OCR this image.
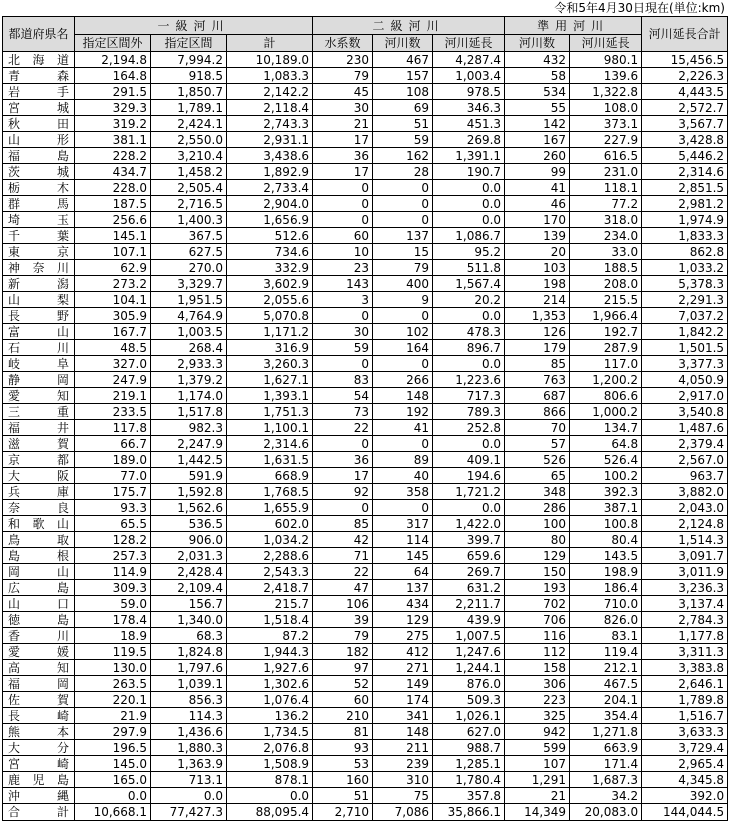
令和5年4月30日現在(単位:km)
都道府県名	一級河川			二級河川			準用河川		河川延長合計
	指定区間外	指定区間	計	水系数	河川数	河川延長	河川数	河川延長	
北海道	2,194.8	7,994.2	10,189.0	230	467	4,287.4	432	980.1	15,456.5
青森	164.8	918.5	1,083.3	79	157	1,003.4	58	139.6	2,226.3
岩手	291.5	1,850.7	2,142.2	45	108	978.5	534	1,322.8	4,443.5
宮城	329.3	1,789.1	2,118.4	30	69	346.3	55	108.0	2,572.7
秋田	319.2	2,424.1	2,743.3	21	51	451.3	142	373.1	3,567.7
山形	381.1	2,550.0	2,931.1	17	59	269.8	167	227.9	3,428.8
福島	228.2	3,210.4	3,438.6	36	162	1,391.1	260	616.5	5,446.2
茨城	434.7	1,458.2	1,892.9	17	28	190.7	99	231.0	2,314.6
栃木	228.0	2,505.4	2,733.4	0	0	0.0	41	118.1	2,851.5
群馬	187.5	2,716.5	2,904.0	0	0	0.0	46	77.2	2,981.2
埼玉	256.6	1,400.3	1,656.9	0	0	0.0	170	318.0	1,974.9
千葉	145.1	367.5	512.6	60	137	1,086.7	139	234.0	1,833.3
東京	107.1	627.5	734.6	10	15	95.2	20	33.0	862.8
神奈川	62.9	270.0	332.9	23	79	511.8	103	188.5	1,033.2
新潟	273.2	3,329.7	3,602.9	143	400	1,567.4	198	208.0	5,378.3
山梨	104.1	1,951.5	2,055.6	3	9	20.2	214	215.5	2,291.3
長野	305.9	4,764.9	5,070.8	0	0	0.0	1,353	1,966.4	7,037.2
富山	167.7	1,003.5	1,171.2	30	102	478.3	126	192.7	1,842.2
石川	48.5	268.4	316.9	59	164	896.7	179	287.9	1,501.5
岐阜	327.0	2,933.3	3,260.3	0	0	0.0	85	117.0	3,377.3
静岡	247.9	1,379.2	1,627.1	83	266	1,223.6	763	1,200.2	4,050.9
愛知	219.1	1,174.0	1,393.1	54	148	717.3	687	806.6	2,917.0
三重	233.5	1,517.8	1,751.3	73	192	789.3	866	1,000.2	3,540.8
福井	117.8	982.3	1,100.1	22	41	252.8	70	134.7	1,487.6
滋賀	66.7	2,247.9	2,314.6	0	0	0.0	57	64.8	2,379.4
京都	189.0	1,442.5	1,631.5	36	89	409.1	526	526.4	2,567.0
大阪	77.0	591.9	668.9	17	40	194.6	65	100.2	963.7
兵庫	175.7	1,592.8	1,768.5	92	358	1,721.2	348	392.3	3,882.0
奈良	93.3	1,562.6	1,655.9	0	0	0.0	286	387.1	2,043.0
和歌山	65.5	536.5	602.0	85	317	1,422.0	100	100.8	2,124.8
鳥取	128.2	906.0	1,034.2	42	114	399.7	80	80.4	1,514.3
島根	257.3	2,031.3	2,288.6	71	145	659.6	129	143.5	3,091.7
岡山	114.9	2,428.4	2,543.3	22	64	269.7	150	198.9	3,011.9
広島	309.3	2,109.4	2,418.7	47	137	631.2	193	186.4	3,236.3
山口	59.0	156.7	215.7	106	434	2,211.7	702	710.0	3,137.4
徳島	178.4	1,340.0	1,518.4	39	129	439.9	706	826.0	2,784.3
香川	18.9	68.3	87.2	79	275	1,007.5	116	83.1	1,177.8
愛媛	119.5	1,824.8	1,944.3	182	412	1,247.6	112	119.4	3,311.3
高知	130.0	1,797.6	1,927.6	97	271	1,244.1	158	212.1	3,383.8
福岡	263.5	1,039.1	1,302.6	52	149	876.0	306	467.5	2,646.1
佐賀	220.1	856.3	1,076.4	60	174	509.3	223	204.1	1,789.8
長崎	21.9	114.3	136.2	210	341	1,026.1	325	354.4	1,516.7
熊本	297.9	1,436.6	1,734.5	81	148	627.0	942	1,271.8	3,633.3
大分	196.5	1,880.3	2,076.8	93	211	988.7	599	663.9	3,729.4
宮崎	145.0	1,363.9	1,508.9	53	239	1,285.1	107	171.4	2,965.4
鹿児島	165.0	713.1	878.1	160	310	1,780.4	1,291	1,687.3	4,345.8
沖縄	0.0	0.0	0.0	51	75	357.8	21	34.2	392.0
合計	10,668.1	77,427.3	88,095.4	2,710	7,086	35,866.1	14,349	20,083.0	144,044.5
